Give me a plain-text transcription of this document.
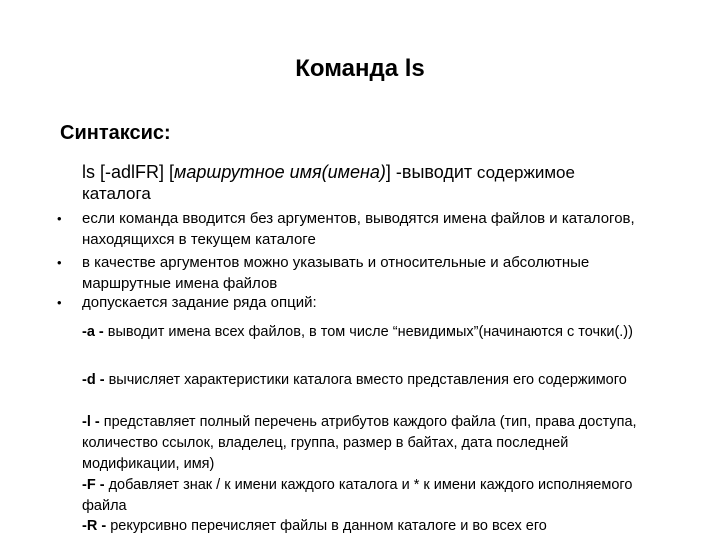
Команда ls
Синтаксис:
ls [-adlFR] [маршрутное имя(имена)] -выводит содержимое каталога
• если команда вводится без аргументов, выводятся имена файлов и каталогов, находящихся в текущем каталоге
• в качестве аргументов можно указывать и относительные и абсолютные маршрутные имена файлов
• допускается задание ряда опций:
-a - выводит имена всех файлов, в том числе “невидимых”(начинаются с точки(.))
-d - вычисляет характеристики каталога вместо представления его содержимого
-l - представляет полный перечень атрибутов каждого файла (тип, права доступа, количество ссылок, владелец, группа, размер в байтах, дата последней модификации, имя)
-F - добавляет знак / к имени каждого каталога и * к имени каждого исполняемого файла
-R - рекурсивно перечисляет файлы в данном каталоге и во всех его
